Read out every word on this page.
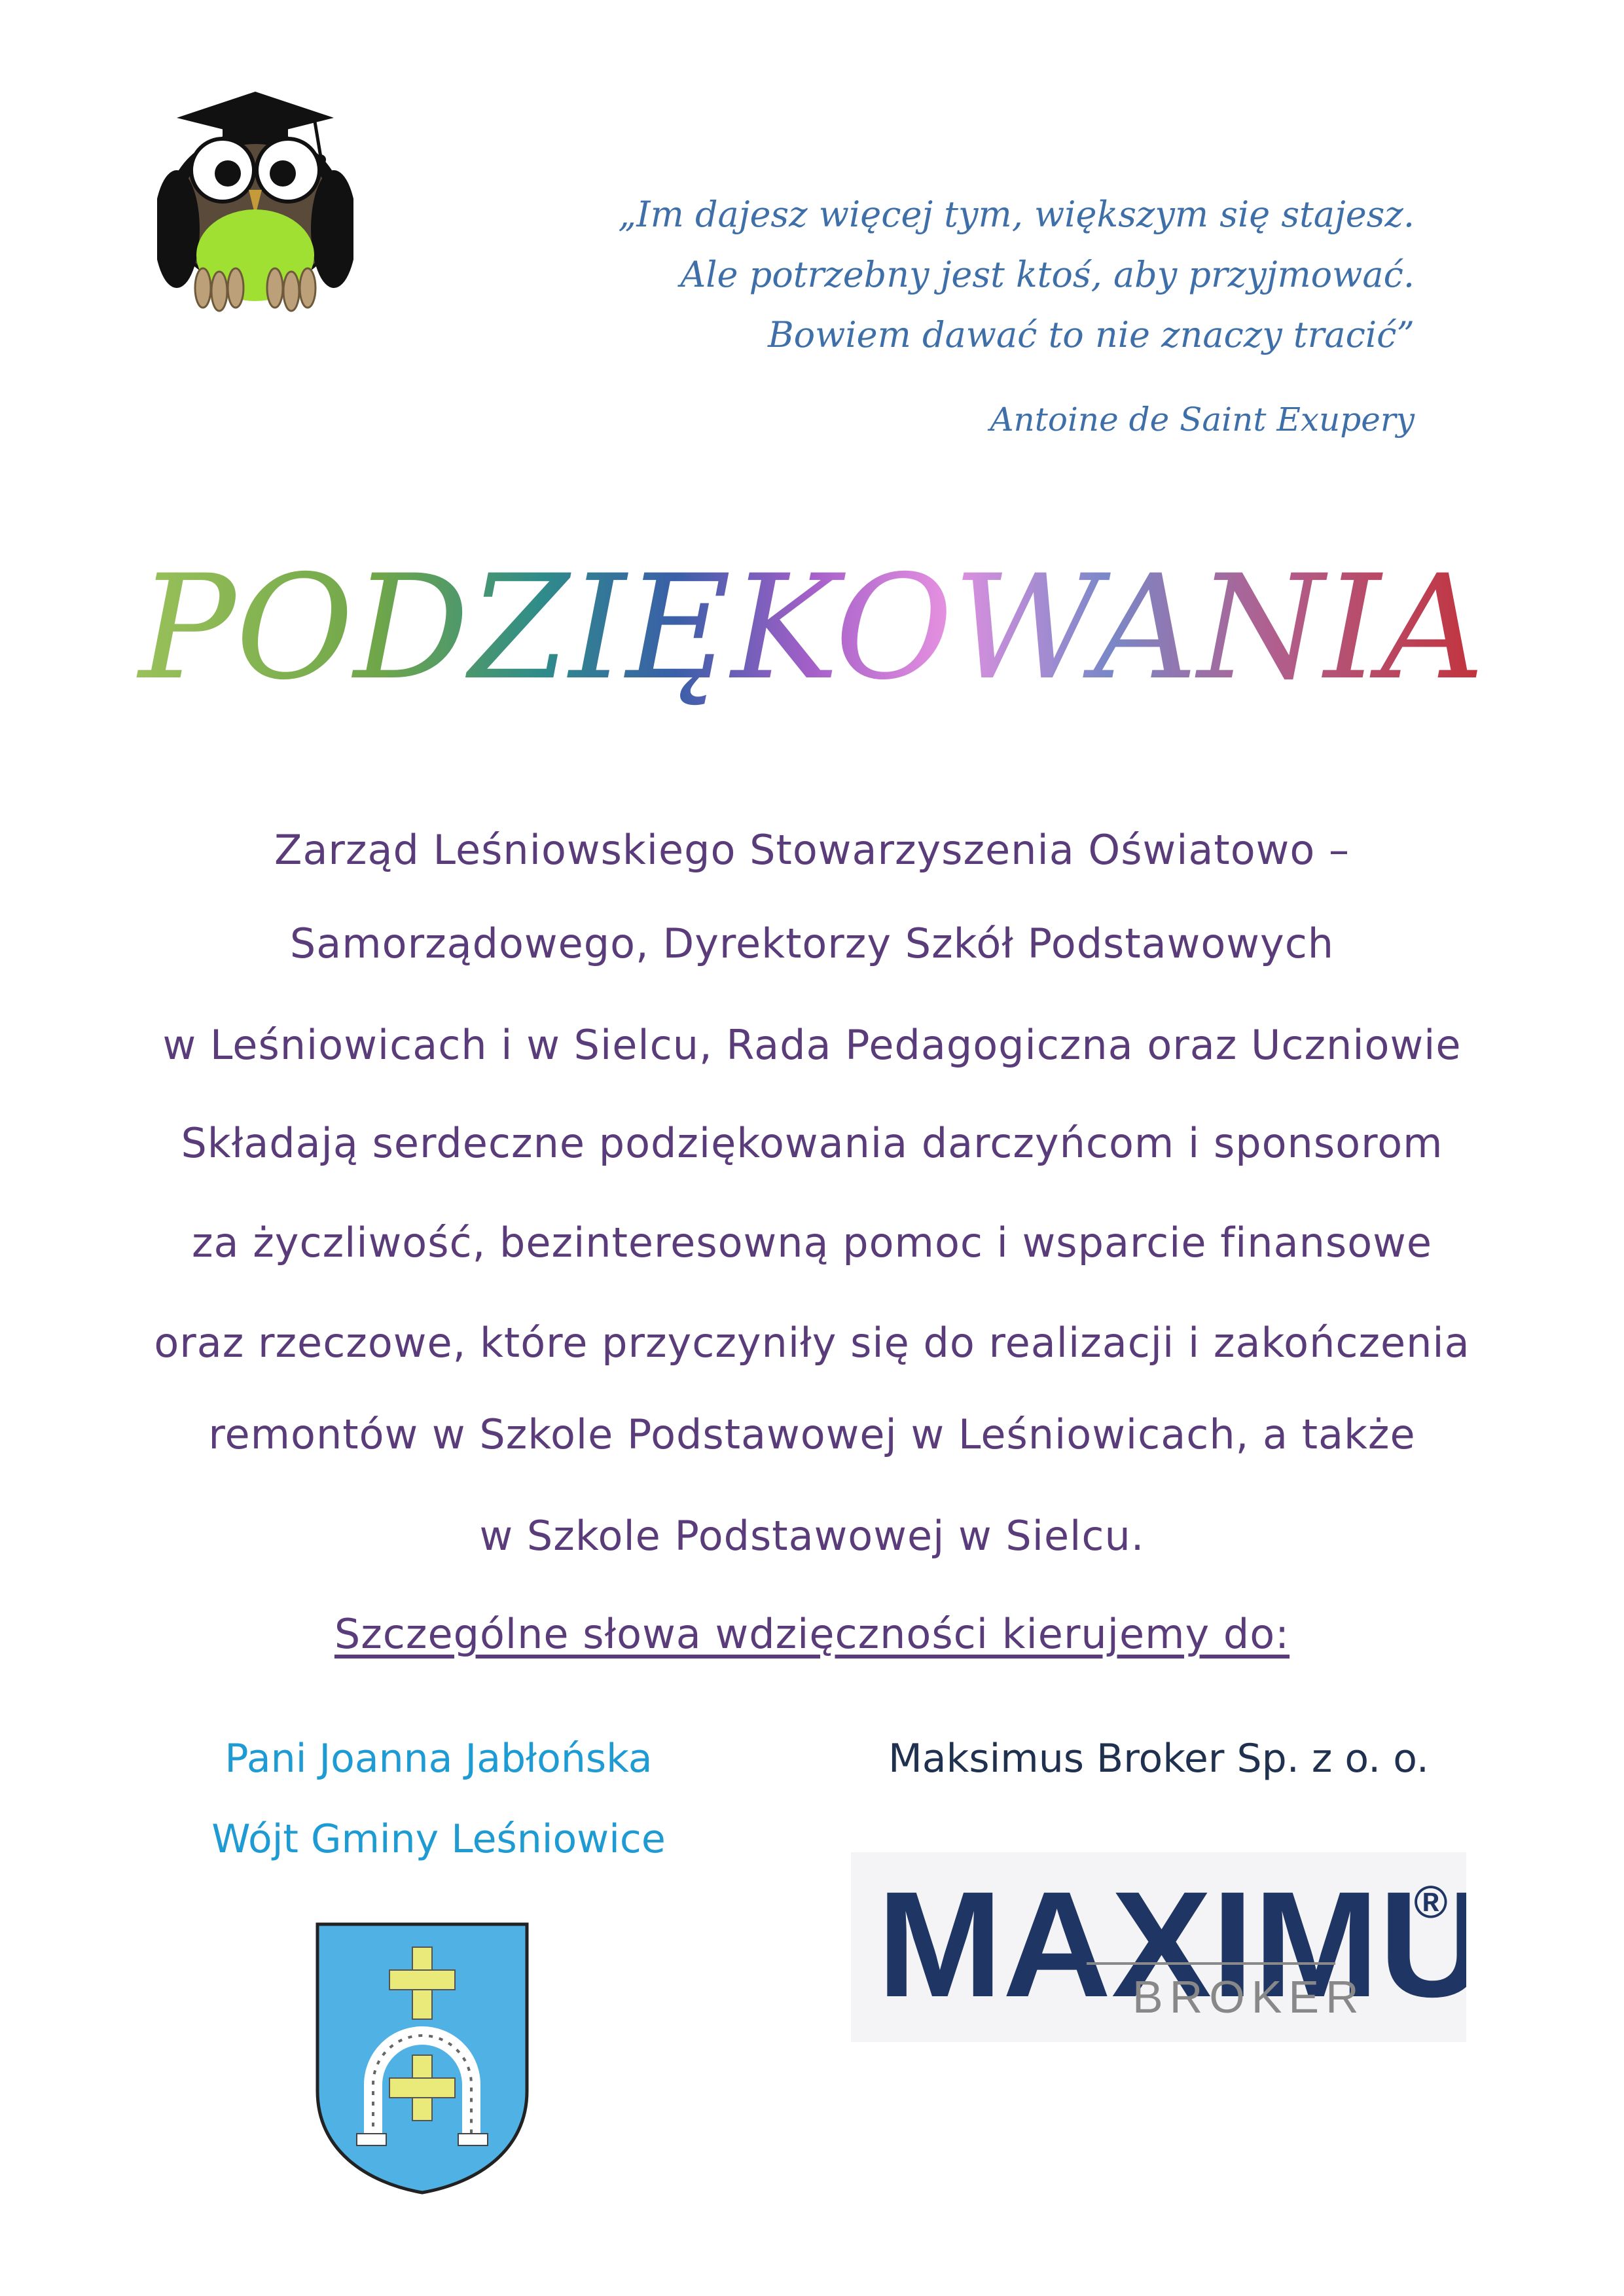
„Im dajesz więcej tym, większym się stajesz.
Ale potrzebny jest ktoś, aby przyjmować.
Bowiem dawać to nie znaczy tracić”
Antoine de Saint Exupery
PODZIĘKOWANIA
Zarząd Leśniowskiego Stowarzyszenia Oświatowo –
Samorządowego, Dyrektorzy Szkół Podstawowych
w Leśniowicach i w Sielcu, Rada Pedagogiczna oraz Uczniowie
Składają serdeczne podziękowania darczyńcom i sponsorom
za życzliwość, bezinteresowną pomoc i wsparcie finansowe
oraz rzeczowe, które przyczyniły się do realizacji i zakończenia
remontów w Szkole Podstawowej w Leśniowicach, a także
w Szkole Podstawowej w Sielcu.
Szczególne słowa wdzięczności kierujemy do:
Pani Joanna Jabłońska
Wójt Gminy Leśniowice
Maksimus Broker Sp. z o. o.
MAXIMU

BROKER
®
